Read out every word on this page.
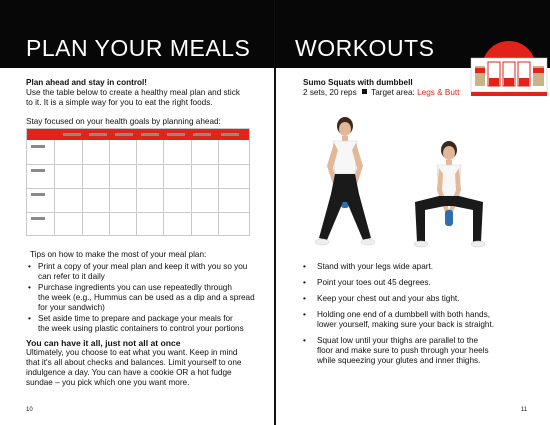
PLAN YOUR MEALS
Plan ahead and stay in control!
Use the table below to create a healthy meal plan and stick
to it. It is a simple way for you to eat the right foods.
Stay focused on your health goals by planning ahead:
Tips on how to make the most of your meal plan:
• Print a copy of your meal plan and keep it with you so you
can refer to it daily
• Purchase ingredients you can use repeatedly through
the week (e.g., Hummus can be used as a dip and a spread
for your sandwich)
• Set aside time to prepare and package your meals for
the week using plastic containers to control your portions
You can have it all, just not all at once
Ultimately, you choose to eat what you want. Keep in mind
that it's all about checks and balances. Limit yourself to one
indulgence a day. You can have a cookie OR a hot fudge
sundae – you pick which one you want more.
10
WORKOUTS
Sumo Squats with dumbbell
2 sets, 20 reps Target area: Legs & Butt
• Stand with your legs wide apart.
• Point your toes out 45 degrees.
• Keep your chest out and your abs tight.
• Holding one end of a dumbbell with both hands,
lower yourself, making sure your back is straight.
• Squat low until your thighs are parallel to the
floor and make sure to push through your heels
while squeezing your glutes and inner thighs.
11
